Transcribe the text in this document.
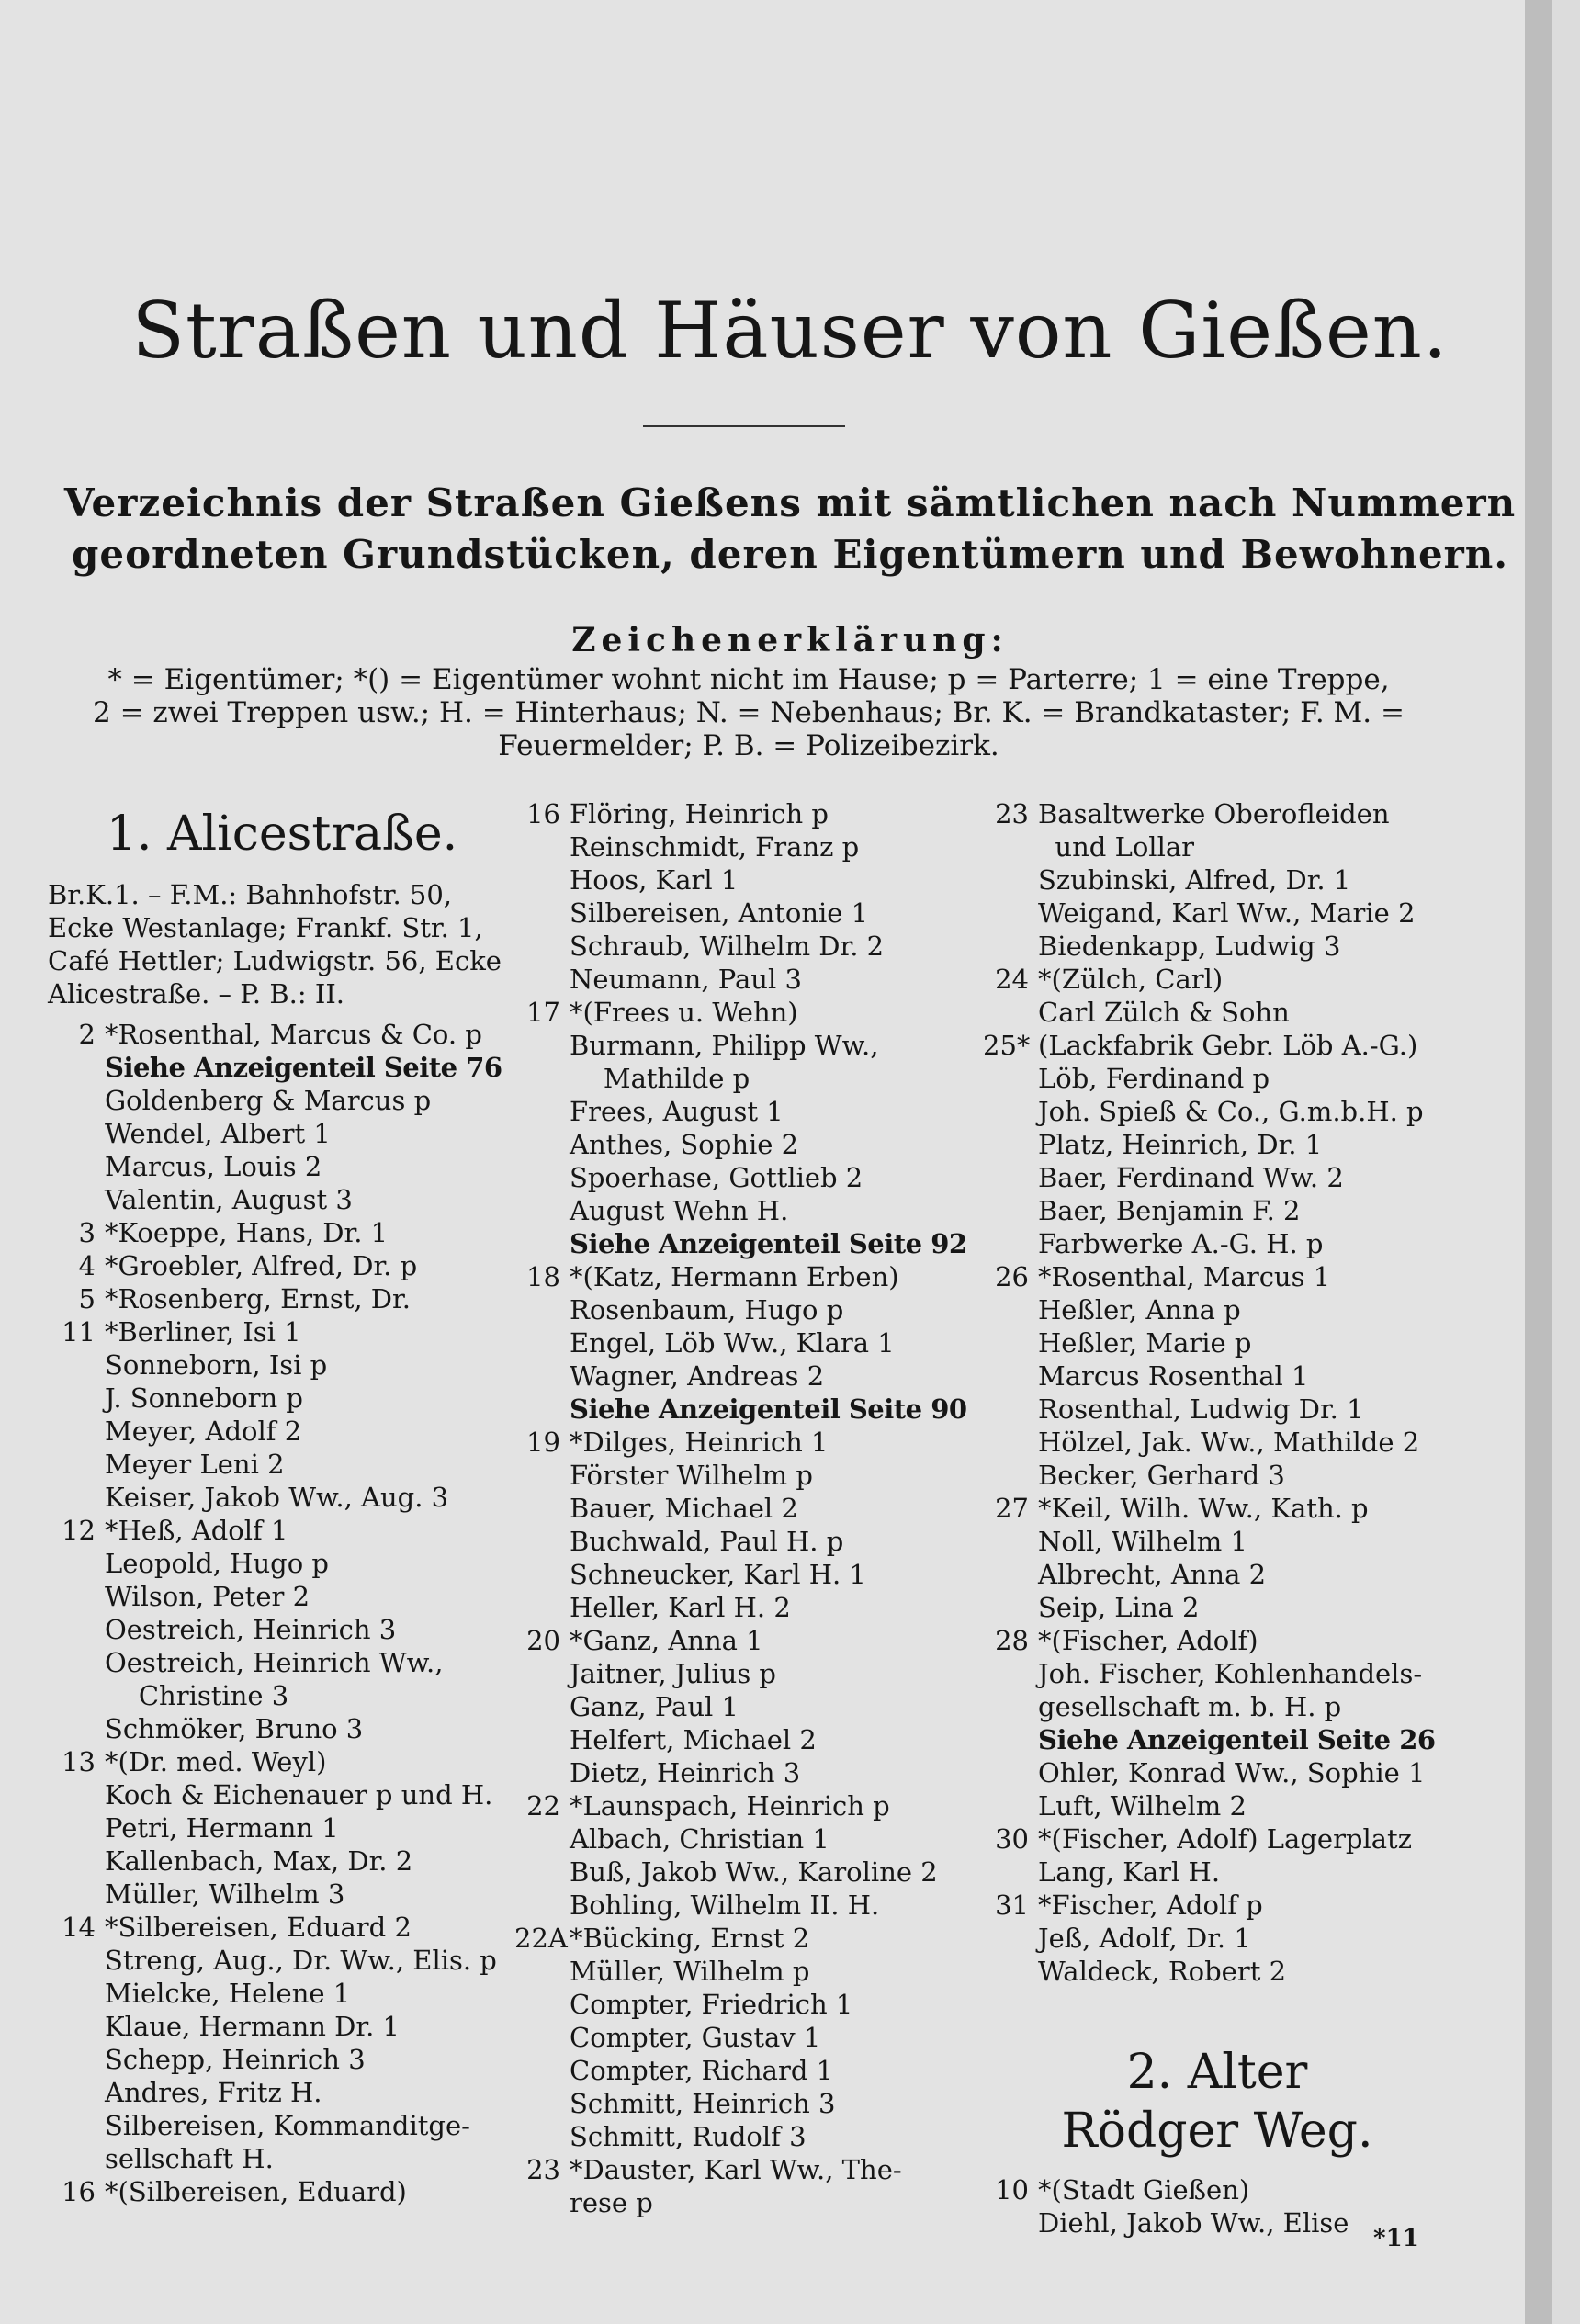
Straßen und Häuser von Gießen.
Verzeichnis der Straßen Gießens mit sämtlichen nach Nummern
geordneten Grundstücken, deren Eigentümern und Bewohnern.
Zeichenerklärung:
* = Eigentümer; *() = Eigentümer wohnt nicht im Hause; p = Parterre; 1 = eine Treppe,
2 = zwei Treppen usw.; H. = Hinterhaus; N. = Nebenhaus; Br. K. = Brandkataster; F. M. =
Feuermelder; P. B. = Polizeibezirk.
1. Alicestraße.
Br.K.1. – F.M.: Bahnhofstr. 50, Ecke Westanlage; Frankf. Str. 1, Café Hettler; Ludwigstr. 56, Ecke Alicestraße. – P. B.: II.
2 *Rosenthal, Marcus & Co. p
Siehe Anzeigenteil Seite 76
Goldenberg & Marcus p
Wendel, Albert 1
Marcus, Louis 2
Valentin, August 3
3 *Koeppe, Hans, Dr. 1
4 *Groebler, Alfred, Dr. p
5 *Rosenberg, Ernst, Dr.
11 *Berliner, Isi 1
Sonneborn, Isi p
J. Sonneborn p
Meyer, Adolf 2
Meyer Leni 2
Keiser, Jakob Ww., Aug. 3
12 *Heß, Adolf 1
Leopold, Hugo p
Wilson, Peter 2
Oestreich, Heinrich 3
Oestreich, Heinrich Ww.,
Christine 3
Schmöker, Bruno 3
13 *(Dr. med. Weyl)
Koch & Eichenauer p und H.
Petri, Hermann 1
Kallenbach, Max, Dr. 2
Müller, Wilhelm 3
14 *Silbereisen, Eduard 2
Streng, Aug., Dr. Ww., Elis. p
Mielcke, Helene 1
Klaue, Hermann Dr. 1
Schepp, Heinrich 3
Andres, Fritz H.
Silbereisen, Kommanditge-
sellschaft H.
16 *(Silbereisen, Eduard)
16 Flöring, Heinrich p
Reinschmidt, Franz p
Hoos, Karl 1
Silbereisen, Antonie 1
Schraub, Wilhelm Dr. 2
Neumann, Paul 3
17 *(Frees u. Wehn)
Burmann, Philipp Ww.,
Mathilde p
Frees, August 1
Anthes, Sophie 2
Spoerhase, Gottlieb 2
August Wehn H.
Siehe Anzeigenteil Seite 92
18 *(Katz, Hermann Erben)
Rosenbaum, Hugo p
Engel, Löb Ww., Klara 1
Wagner, Andreas 2
Siehe Anzeigenteil Seite 90
19 *Dilges, Heinrich 1
Förster Wilhelm p
Bauer, Michael 2
Buchwald, Paul H. p
Schneucker, Karl H. 1
Heller, Karl H. 2
20 *Ganz, Anna 1
Jaitner, Julius p
Ganz, Paul 1
Helfert, Michael 2
Dietz, Heinrich 3
22 *Launspach, Heinrich p
Albach, Christian 1
Buß, Jakob Ww., Karoline 2
Bohling, Wilhelm II. H.
22A *Bücking, Ernst 2
Müller, Wilhelm p
Compter, Friedrich 1
Compter, Gustav 1
Compter, Richard 1
Schmitt, Heinrich 3
Schmitt, Rudolf 3
23 *Dauster, Karl Ww., The-
rese p
23 Basaltwerke Oberofleiden
und Lollar
Szubinski, Alfred, Dr. 1
Weigand, Karl Ww., Marie 2
Biedenkapp, Ludwig 3
24 *(Zülch, Carl)
Carl Zülch & Sohn
25* (Lackfabrik Gebr. Löb A.-G.)
Löb, Ferdinand p
Joh. Spieß & Co., G.m.b.H. p
Platz, Heinrich, Dr. 1
Baer, Ferdinand Ww. 2
Baer, Benjamin F. 2
Farbwerke A.-G. H. p
26 *Rosenthal, Marcus 1
Heßler, Anna p
Heßler, Marie p
Marcus Rosenthal 1
Rosenthal, Ludwig Dr. 1
Hölzel, Jak. Ww., Mathilde 2
Becker, Gerhard 3
27 *Keil, Wilh. Ww., Kath. p
Noll, Wilhelm 1
Albrecht, Anna 2
Seip, Lina 2
28 *(Fischer, Adolf)
Joh. Fischer, Kohlenhandels-
gesellschaft m. b. H. p
Siehe Anzeigenteil Seite 26
Ohler, Konrad Ww., Sophie 1
Luft, Wilhelm 2
30 *(Fischer, Adolf) Lagerplatz
Lang, Karl H.
31 *Fischer, Adolf p
Jeß, Adolf, Dr. 1
Waldeck, Robert 2
2. Alter
Rödger Weg.
10 *(Stadt Gießen)
Diehl, Jakob Ww., Elise	*11
